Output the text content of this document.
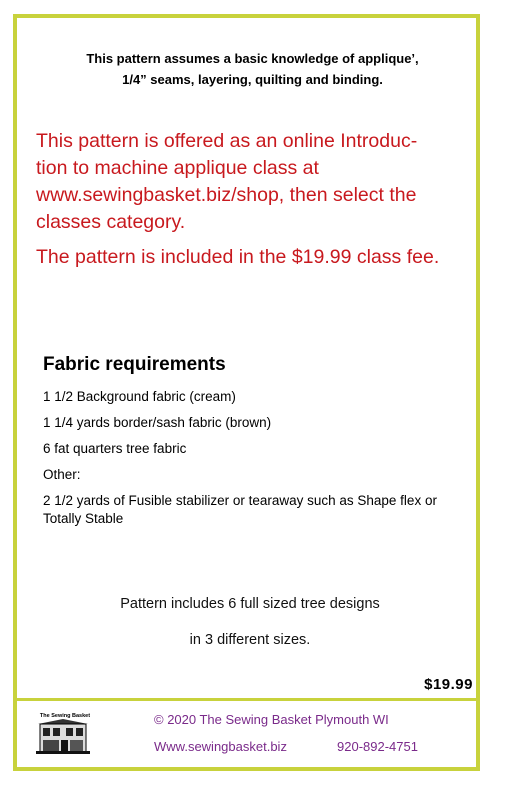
This pattern assumes a basic knowledge of applique’,
1/4” seams, layering, quilting and binding.

This pattern is offered as an online Introduc-
tion to machine applique class at
www.sewingbasket.biz/shop, then select the
classes category.

The pattern is included in the $19.99 class fee.

Fabric requirements
1 1/2 Background fabric (cream)
1 1/4 yards border/sash fabric (brown)
6 fat quarters tree fabric
Other:
2 1/2 yards of Fusible stabilizer or tearaway such as Shape flex or Totally Stable

Pattern includes 6 full sized tree designs

in 3 different sizes.

$19.99
The Sewing Basket	© 2020 The Sewing Basket Plymouth WI
Www.sewingbasket.biz	920-892-4751
